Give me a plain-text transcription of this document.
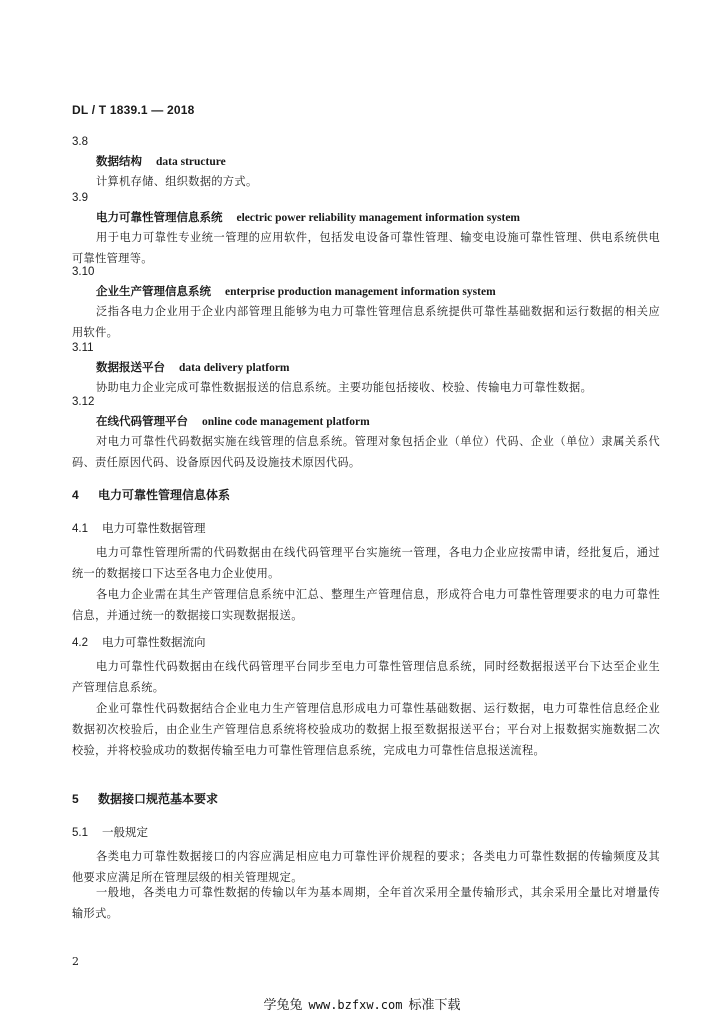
DL / T 1839.1 — 2018
3.8
数据结构 data structure
计算机存储、组织数据的方式。
3.9
电力可靠性管理信息系统 electric power reliability management information system
用于电力可靠性专业统一管理的应用软件，包括发电设备可靠性管理、输变电设施可靠性管理、供电系统供电可靠性管理等。
3.10
企业生产管理信息系统 enterprise production management information system
泛指各电力企业用于企业内部管理且能够为电力可靠性管理信息系统提供可靠性基础数据和运行数据的相关应用软件。
3.11
数据报送平台 data delivery platform
协助电力企业完成可靠性数据报送的信息系统。主要功能包括接收、校验、传输电力可靠性数据。
3.12
在线代码管理平台 online code management platform
对电力可靠性代码数据实施在线管理的信息系统。管理对象包括企业（单位）代码、企业（单位）隶属关系代码、责任原因代码、设备原因代码及设施技术原因代码。
4 电力可靠性管理信息体系
4.1 电力可靠性数据管理
电力可靠性管理所需的代码数据由在线代码管理平台实施统一管理，各电力企业应按需申请，经批复后，通过统一的数据接口下达至各电力企业使用。
各电力企业需在其生产管理信息系统中汇总、整理生产管理信息，形成符合电力可靠性管理要求的电力可靠性信息，并通过统一的数据接口实现数据报送。
4.2 电力可靠性数据流向
电力可靠性代码数据由在线代码管理平台同步至电力可靠性管理信息系统，同时经数据报送平台下达至企业生产管理信息系统。
企业可靠性代码数据结合企业电力生产管理信息形成电力可靠性基础数据、运行数据，电力可靠性信息经企业数据初次校验后，由企业生产管理信息系统将校验成功的数据上报至数据报送平台；平台对上报数据实施数据二次校验，并将校验成功的数据传输至电力可靠性管理信息系统，完成电力可靠性信息报送流程。
5 数据接口规范基本要求
5.1 一般规定
各类电力可靠性数据接口的内容应满足相应电力可靠性评价规程的要求；各类电力可靠性数据的传输频度及其他要求应满足所在管理层级的相关管理规定。
一般地，各类电力可靠性数据的传输以年为基本周期，全年首次采用全量传输形式，其余采用全量比对增量传输形式。
2
学兔兔 www.bzfxw.com 标准下载
